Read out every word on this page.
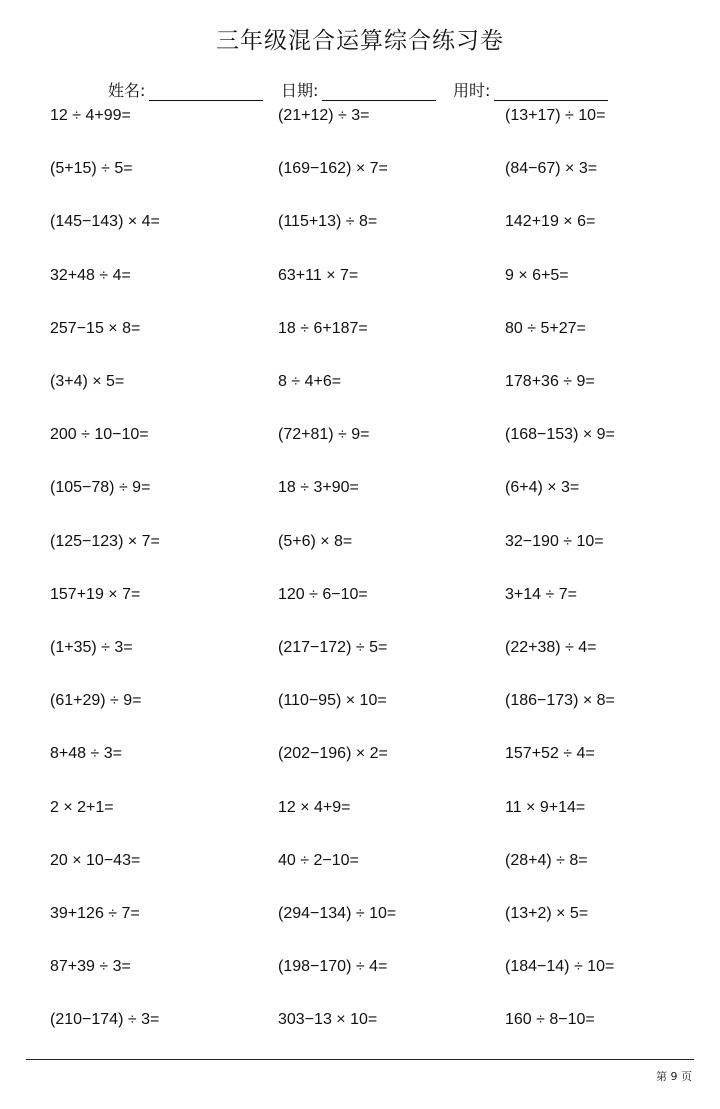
三年级混合运算综合练习卷
姓名:	日期:	用时:
12 ÷ 4+99=	(21+12) ÷ 3=	(13+17) ÷ 10=
(5+15) ÷ 5=	(169−162) × 7=	(84−67) × 3=
(145−143) × 4=	(115+13) ÷ 8=	142+19 × 6=
32+48 ÷ 4=	63+11 × 7=	9 × 6+5=
257−15 × 8=	18 ÷ 6+187=	80 ÷ 5+27=
(3+4) × 5=	8 ÷ 4+6=	178+36 ÷ 9=
200 ÷ 10−10=	(72+81) ÷ 9=	(168−153) × 9=
(105−78) ÷ 9=	18 ÷ 3+90=	(6+4) × 3=
(125−123) × 7=	(5+6) × 8=	32−190 ÷ 10=
157+19 × 7=	120 ÷ 6−10=	3+14 ÷ 7=
(1+35) ÷ 3=	(217−172) ÷ 5=	(22+38) ÷ 4=
(61+29) ÷ 9=	(110−95) × 10=	(186−173) × 8=
8+48 ÷ 3=	(202−196) × 2=	157+52 ÷ 4=
2 × 2+1=	12 × 4+9=	11 × 9+14=
20 × 10−43=	40 ÷ 2−10=	(28+4) ÷ 8=
39+126 ÷ 7=	(294−134) ÷ 10=	(13+2) × 5=
87+39 ÷ 3=	(198−170) ÷ 4=	(184−14) ÷ 10=
(210−174) ÷ 3=	303−13 × 10=	160 ÷ 8−10=
第 9 页
